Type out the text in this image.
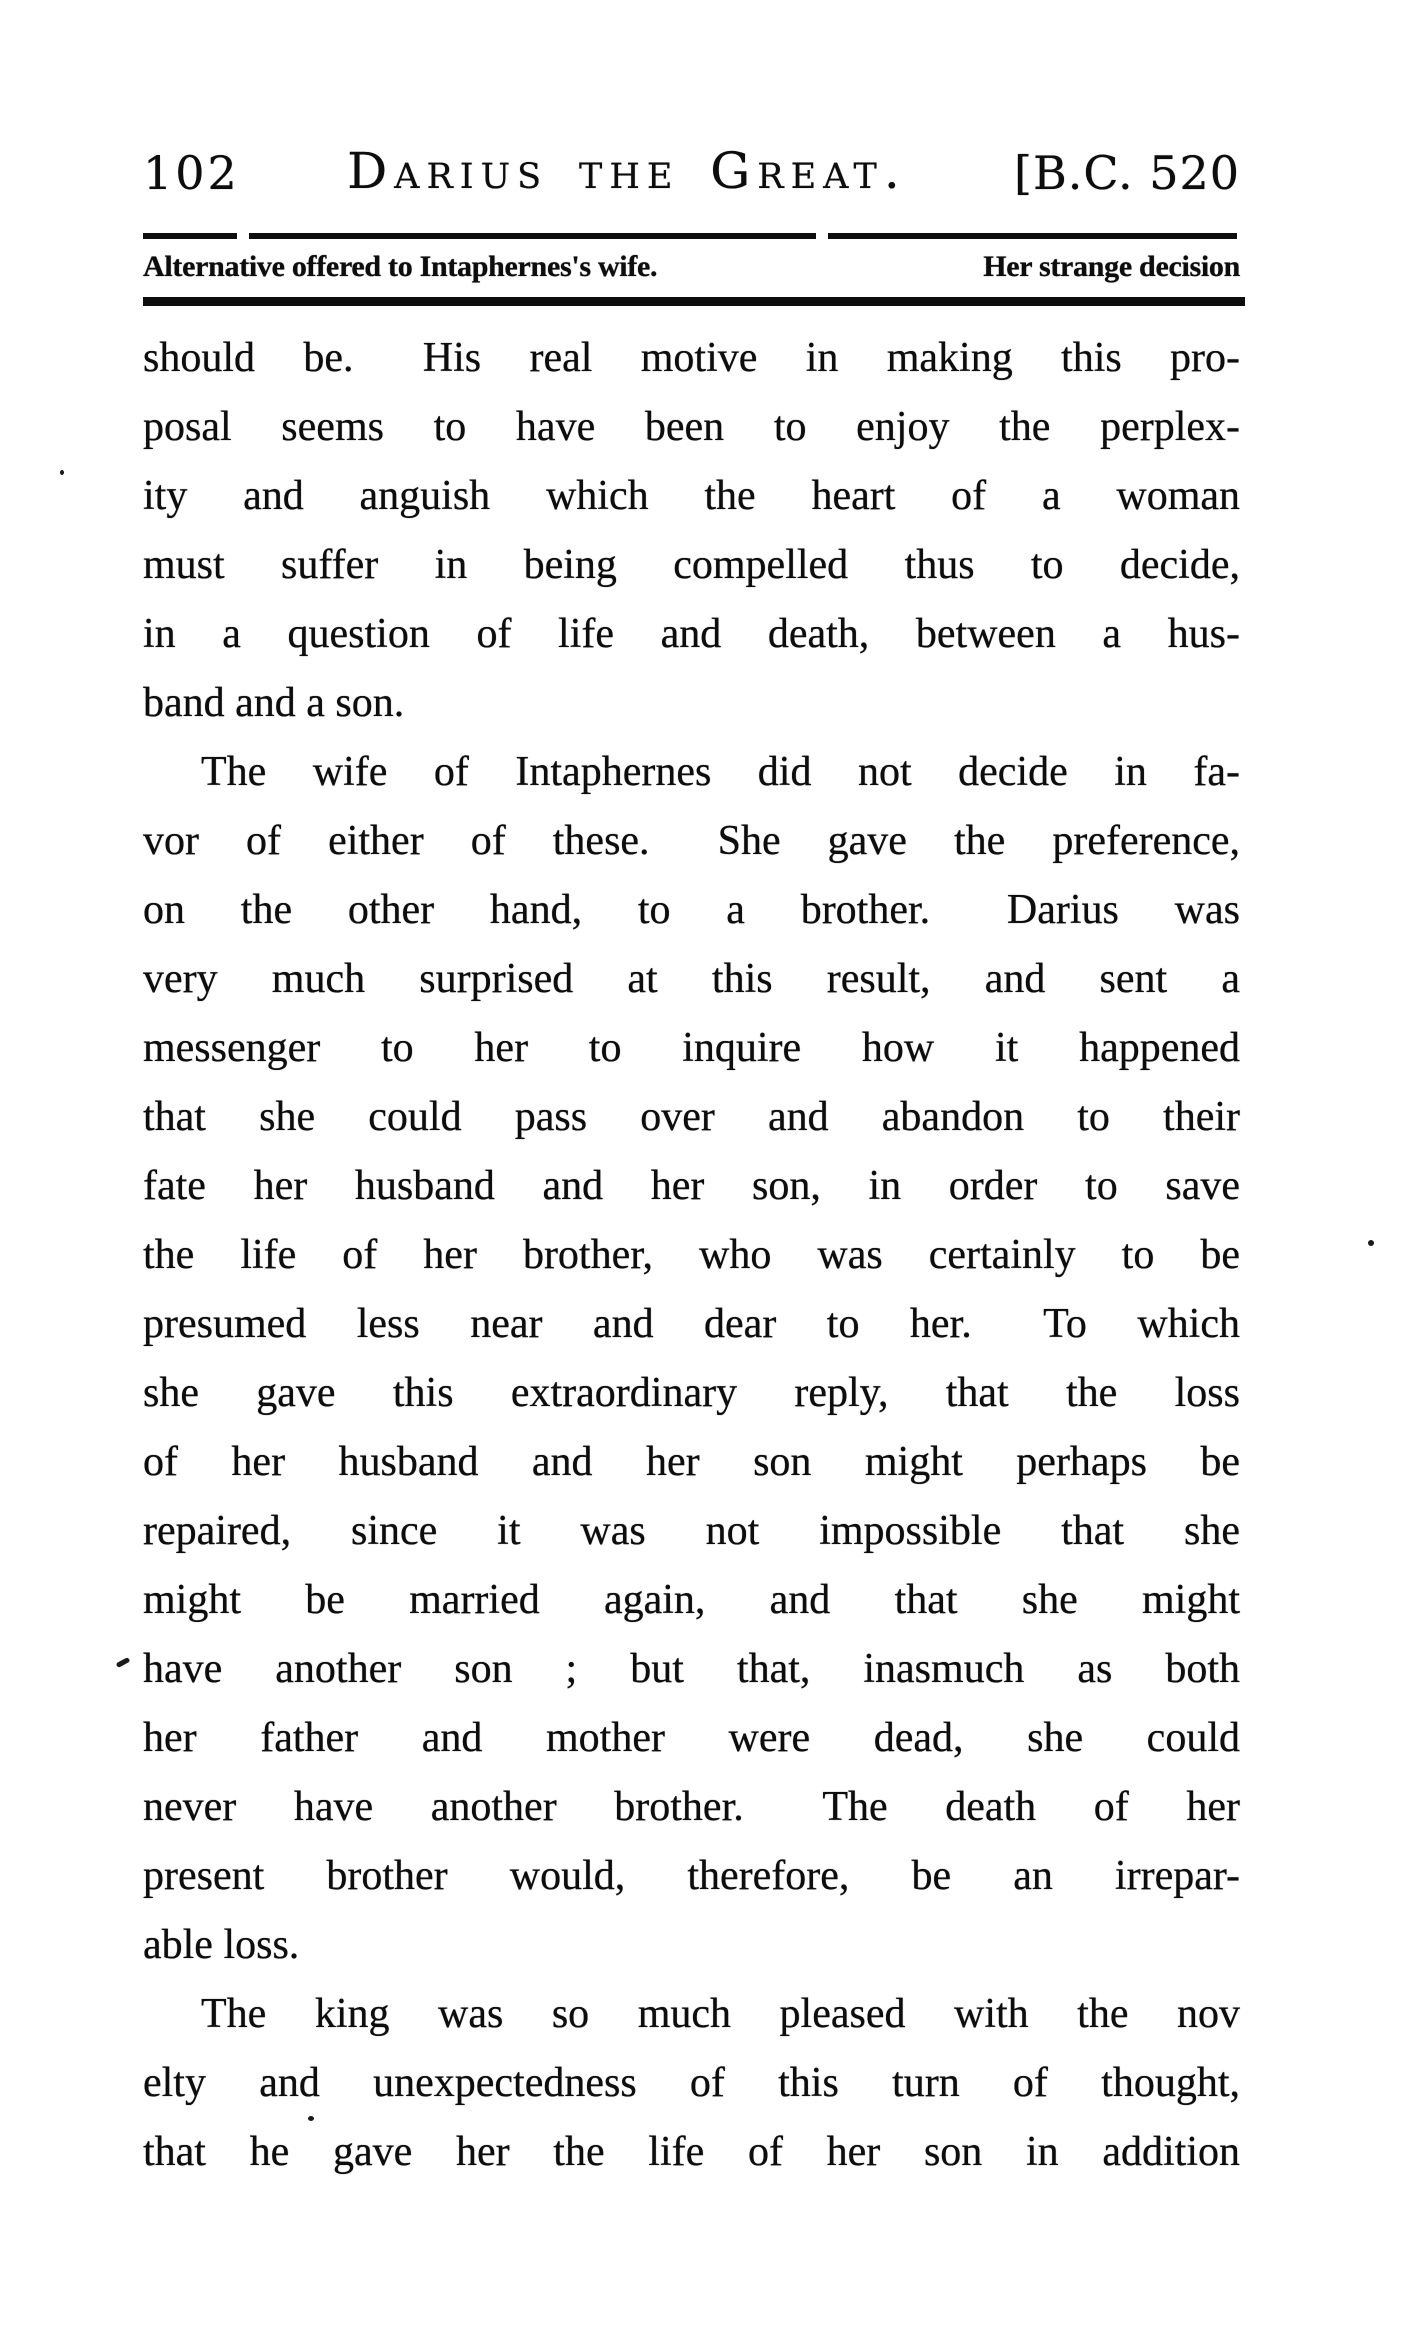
102 Darius the Great. [B.C. 520
Alternative offered to Intaphernes's wife.	Her strange decision
should be.  His real motive in making this pro-
posal seems to have been to enjoy the perplex-
ity and anguish which the heart of a woman
must suffer in being compelled thus to decide,
in a question of life and death, between a hus-
band and a son.
The wife of Intaphernes did not decide in fa-
vor of either of these.  She gave the preference,
on the other hand, to a brother.  Darius was
very much surprised at this result, and sent a
messenger to her to inquire how it happened
that she could pass over and abandon to their
fate her husband and her son, in order to save
the life of her brother, who was certainly to be
presumed less near and dear to her.  To which
she gave this extraordinary reply, that the loss
of her husband and her son might perhaps be
repaired, since it was not impossible that she
might be married again, and that she might
have another son ; but that, inasmuch as both
her father and mother were dead, she could
never have another brother.  The death of her
present brother would, therefore, be an irrepar-
able loss.
The king was so much pleased with the nov
elty and unexpectedness of this turn of thought,
that he gave her the life of her son in addition
